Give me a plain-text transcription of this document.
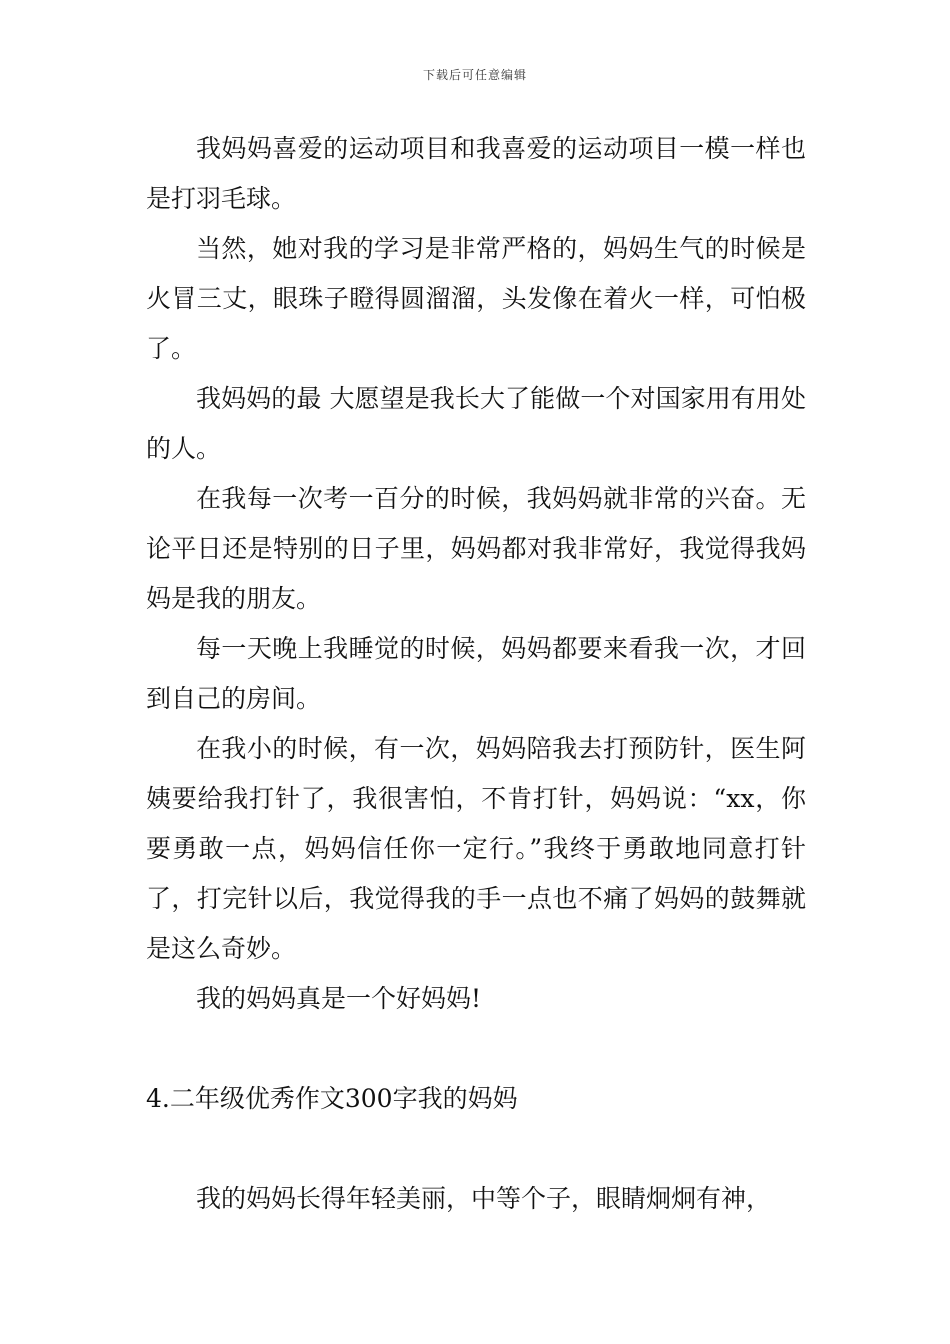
下载后可任意编辑

我妈妈喜爱的运动项目和我喜爱的运动项目一模一样也是打羽毛球。

当然，她对我的学习是非常严格的，妈妈生气的时候是火冒三丈，眼珠子瞪得圆溜溜，头发像在着火一样，可怕极了。

我妈妈的最 大愿望是我长大了能做一个对国家用有用处的人。

在我每一次考一百分的时候，我妈妈就非常的兴奋。无论平日还是特别的日子里，妈妈都对我非常好，我觉得我妈妈是我的朋友。

每一天晚上我睡觉的时候，妈妈都要来看我一次，才回到自己的房间。

在我小的时候，有一次，妈妈陪我去打预防针，医生阿姨要给我打针了，我很害怕，不肯打针，妈妈说：“xx，你要勇敢一点，妈妈信任你一定行。”我终于勇敢地同意打针了，打完针以后，我觉得我的手一点也不痛了妈妈的鼓舞就是这么奇妙。

我的妈妈真是一个好妈妈!

4.二年级优秀作文300字我的妈妈

我的妈妈长得年轻美丽，中等个子，眼睛炯炯有神，
